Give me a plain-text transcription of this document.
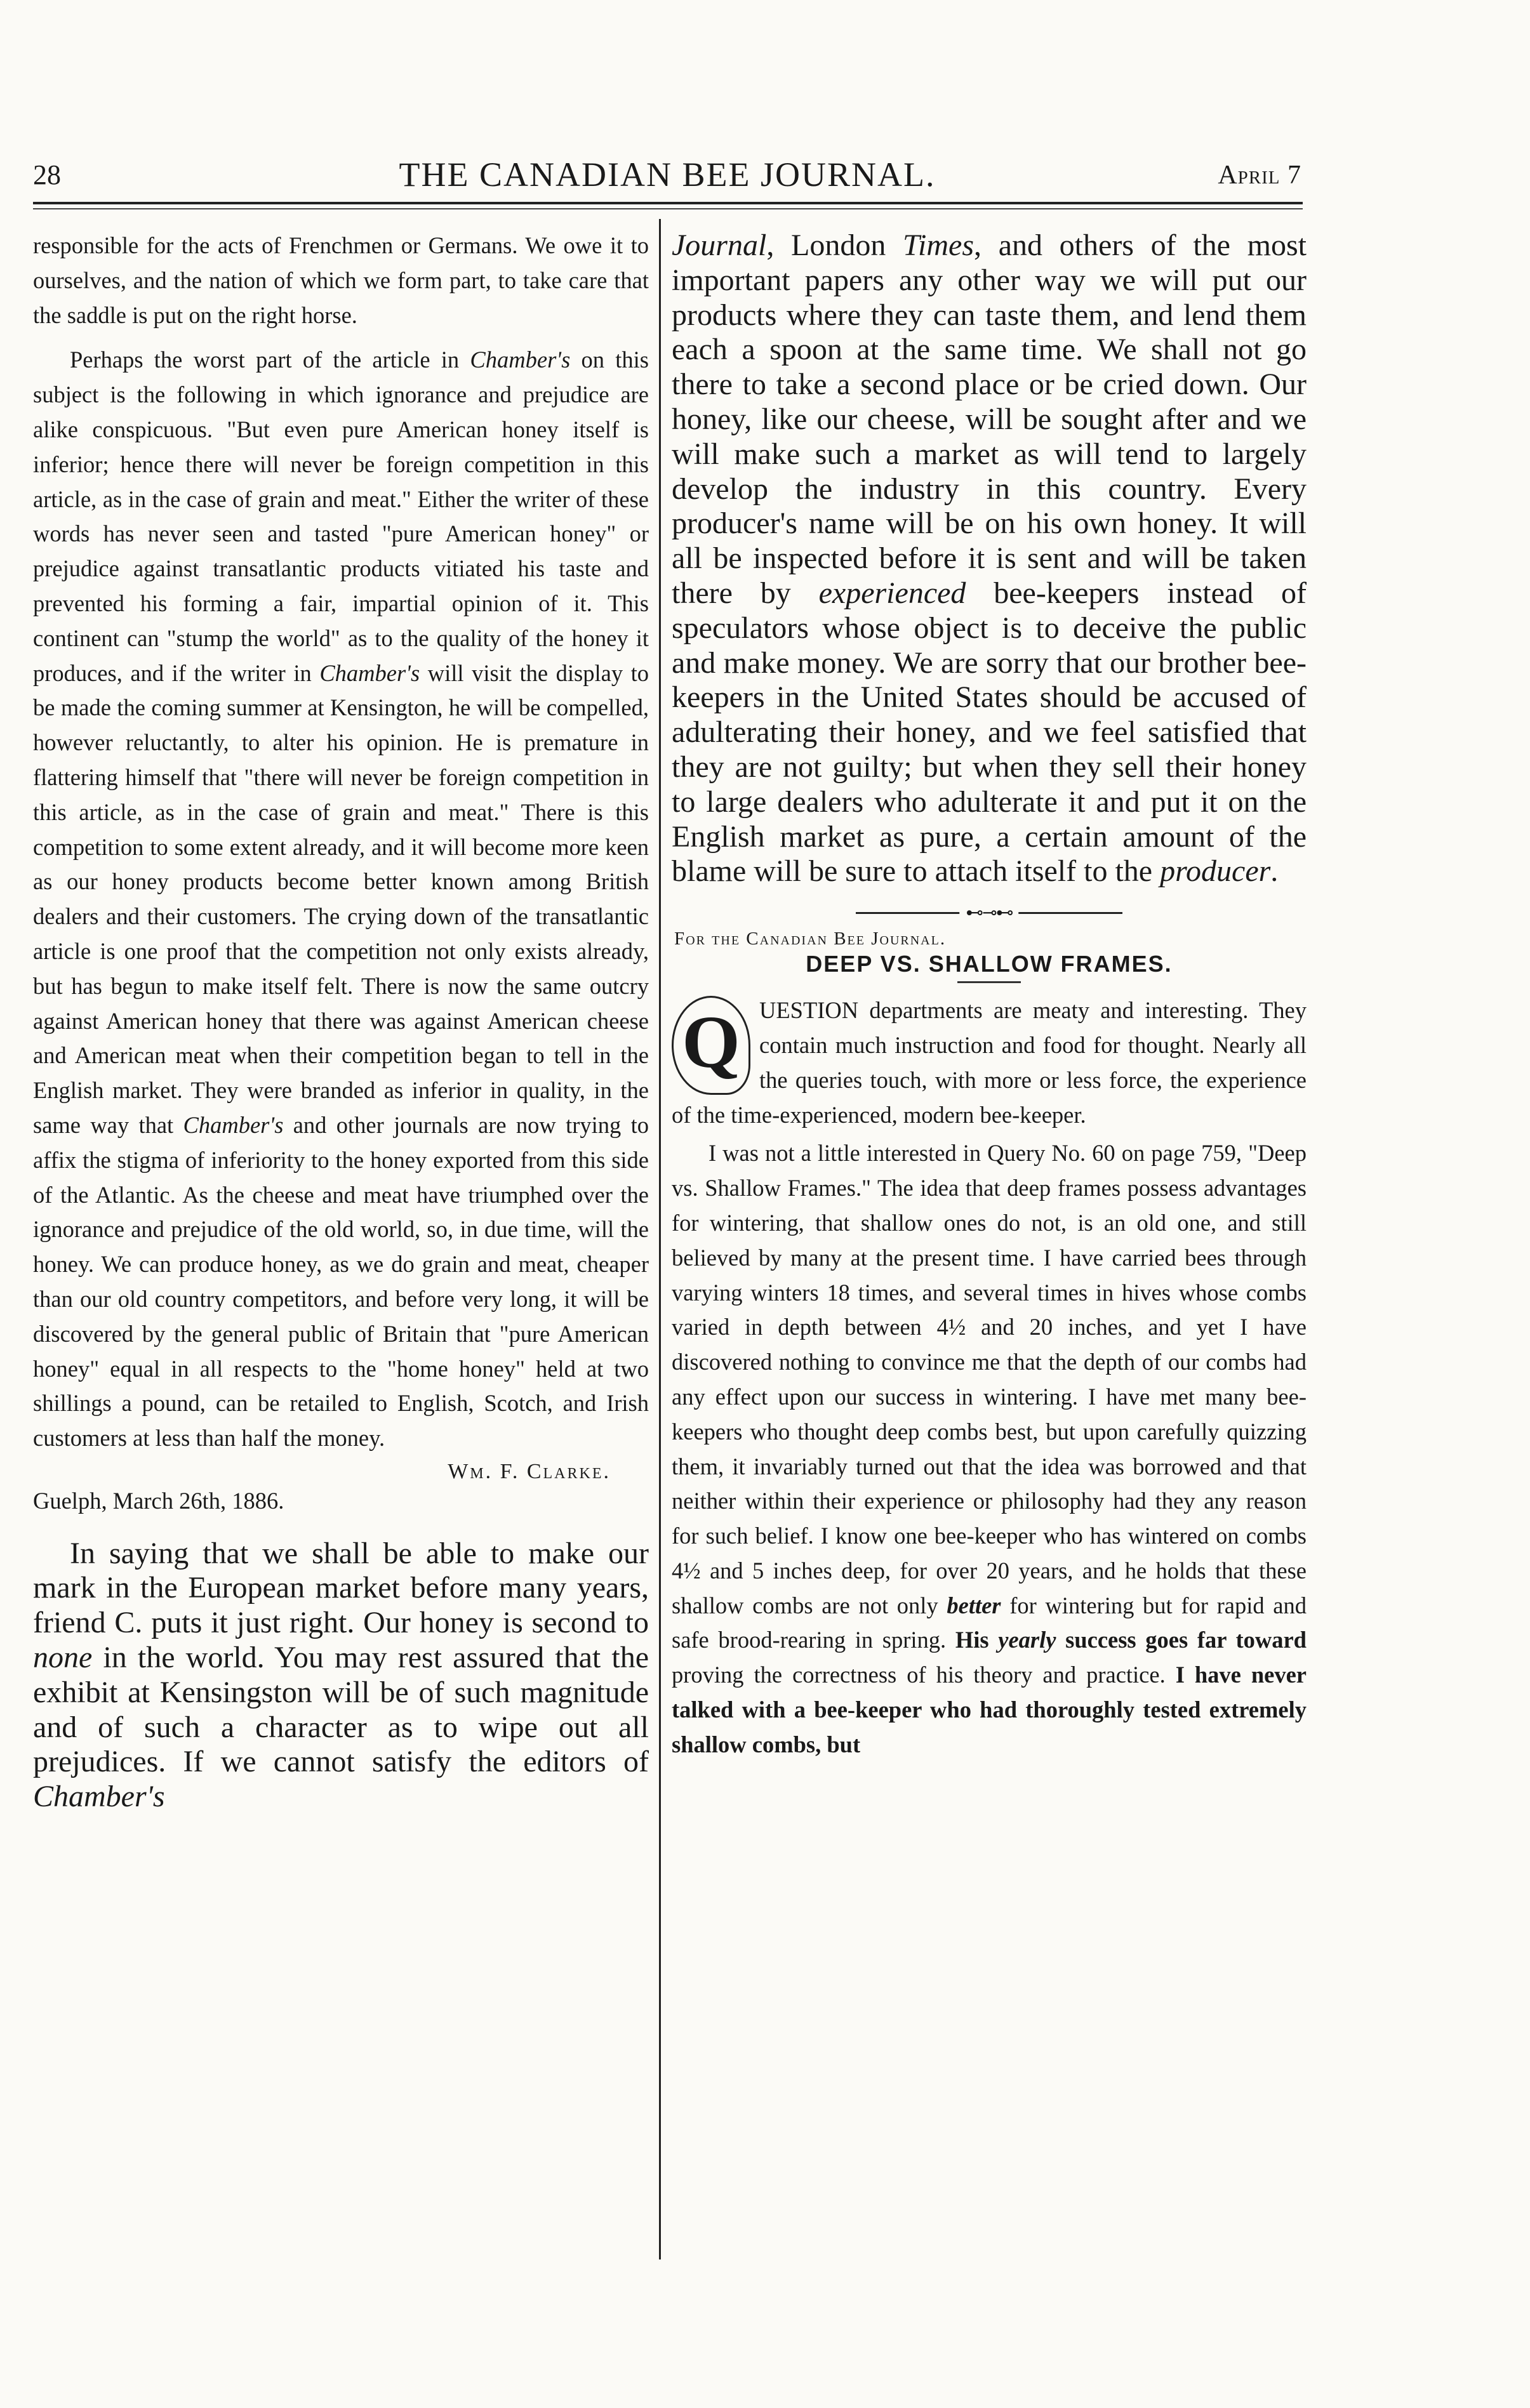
28	THE CANADIAN BEE JOURNAL.	April 7

responsible for the acts of Frenchmen or Germans. We owe it to ourselves, and the nation of which we form part, to take care that the saddle is put on the right horse.

Perhaps the worst part of the article in Chamber's on this subject is the following in which ignorance and prejudice are alike conspicuous. "But even pure American honey itself is inferior; hence there will never be foreign competition in this article, as in the case of grain and meat." Either the writer of these words has never seen and tasted "pure American honey" or prejudice against transatlantic products vitiated his taste and prevented his forming a fair, impartial opinion of it. This continent can "stump the world" as to the quality of the honey it produces, and if the writer in Chamber's will visit the display to be made the coming summer at Kensington, he will be compelled, however reluctantly, to alter his opinion. He is premature in flattering himself that "there will never be foreign competition in this article, as in the case of grain and meat." There is this competition to some extent already, and it will become more keen as our honey products become better known among British dealers and their customers. The crying down of the transatlantic article is one proof that the competition not only exists already, but has begun to make itself felt. There is now the same outcry against American honey that there was against American cheese and American meat when their competition began to tell in the English market. They were branded as inferior in quality, in the same way that Chamber's and other journals are now trying to affix the stigma of inferiority to the honey exported from this side of the Atlantic. As the cheese and meat have triumphed over the ignorance and prejudice of the old world, so, in due time, will the honey. We can produce honey, as we do grain and meat, cheaper than our old country competitors, and before very long, it will be discovered by the general public of Britain that "pure American honey" equal in all respects to the "home honey" held at two shillings a pound, can be retailed to English, Scotch, and Irish customers at less than half the money.

Wm. F. Clarke.
Guelph, March 26th, 1886.

In saying that we shall be able to make our mark in the European market before many years, friend C. puts it just right. Our honey is second to none in the world. You may rest assured that the exhibit at Kensingston will be of such magnitude and of such a character as to wipe out all prejudices. If we cannot satisfy the editors of Chamber's

Journal, London Times, and others of the most important papers any other way we will put our products where they can taste them, and lend them each a spoon at the same time. We shall not go there to take a second place or be cried down. Our honey, like our cheese, will be sought after and we will make such a market as will tend to largely develop the industry in this country. Every producer's name will be on his own honey. It will all be inspected before it is sent and will be taken there by experienced bee-keepers instead of speculators whose object is to deceive the public and make money. We are sorry that our brother bee-keepers in the United States should be accused of adulterating their honey, and we feel satisfied that they are not guilty; but when they sell their honey to large dealers who adulterate it and put it on the English market as pure, a certain amount of the blame will be sure to attach itself to the producer.

⊷⊸⊷
For the Canadian Bee Journal.
DEEP VS. SHALLOW FRAMES.

Q UESTION departments are meaty and interesting. They contain much instruction and food for thought. Nearly all the queries touch, with more or less force, the experience of the time-experienced, modern bee-keeper.

I was not a little interested in Query No. 60 on page 759, "Deep vs. Shallow Frames." The idea that deep frames possess advantages for wintering, that shallow ones do not, is an old one, and still believed by many at the present time. I have carried bees through varying winters 18 times, and several times in hives whose combs varied in depth between 4½ and 20 inches, and yet I have discovered nothing to convince me that the depth of our combs had any effect upon our success in wintering. I have met many bee-keepers who thought deep combs best, but upon carefully quizzing them, it invariably turned out that the idea was borrowed and that neither within their experience or philosophy had they any reason for such belief. I know one bee-keeper who has wintered on combs 4½ and 5 inches deep, for over 20 years, and he holds that these shallow combs are not only better for wintering but for rapid and safe brood-rearing in spring. His yearly success goes far toward proving the correctness of his theory and practice. I have never talked with a bee-keeper who had thoroughly tested extremely shallow combs, but
